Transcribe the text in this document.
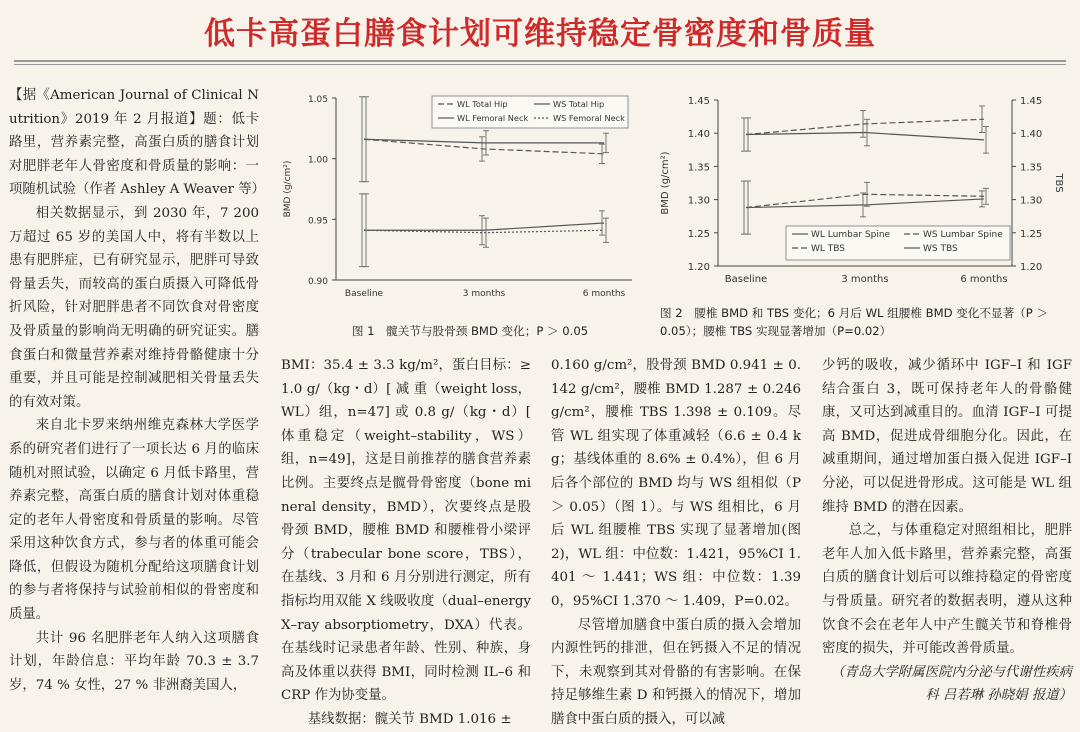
低卡高蛋白膳食计划可维持稳定骨密度和骨质量

【据《American Journal of Clinical Nutrition》2019 年 2 月报道】题：低卡路里，营养素完整，高蛋白质的膳食计划对肥胖老年人骨密度和骨质量的影响：一项随机试验（作者 Ashley A Weaver 等）

相关数据显示，到 2030 年，7 200 万超过 65 岁的美国人中，将有半数以上患有肥胖症，已有研究显示，肥胖可导致骨量丢失，而较高的蛋白质摄入可降低骨折风险，针对肥胖患者不同饮食对骨密度及骨质量的影响尚无明确的研究证实。膳食蛋白和微量营养素对维持骨骼健康十分重要，并且可能是控制减肥相关骨量丢失的有效对策。

来自北卡罗来纳州维克森林大学医学系的研究者们进行了一项长达 6 月的临床随机对照试验，以确定 6 月低卡路里，营养素完整，高蛋白质的膳食计划对体重稳定的老年人骨密度和骨质量的影响。尽管采用这种饮食方式，参与者的体重可能会降低，但假设为随机分配给这项膳食计划的参与者将保持与试验前相似的骨密度和质量。

共计 96 名肥胖老年人纳入这项膳食计划，年龄信息：平均年龄 70.3 ± 3.7 岁，74 % 女性，27 % 非洲裔美国人，

0.90
0.95
1.00
1.05
Baseline	3 months	6 months
BMD (g/cm²)
WL Total Hip	WS Total Hip
WL Femoral Neck	WS Femoral Neck
1.20
1.25
1.30
1.35
1.40
1.45
1.20
1.25
1.30
1.35
1.40
1.45
Baseline	3 months	6 months
BMD (g/cm²)	TBS
WL Lumbar Spine	WS Lumbar Spine
WL TBS	WS TBS
图 1　髋关节与股骨颈 BMD 变化；P ＞ 0.05
图 2　腰椎 BMD 和 TBS 变化；6 月后 WL 组腰椎 BMD 变化不显著（P ＞ 0.05）；腰椎 TBS 实现显著增加（P=0.02）

BMI：35.4 ± 3.3 kg/m²，蛋白目标：≥ 1.0 g/（kg・d）[ 减 重（weight loss，WL）组，n=47] 或 0.8 g/（kg・d）[ 体重稳定（weight–stability，WS）组，n=49]，这是目前推荐的膳食营养素比例。主要终点是髋骨骨密度（bone mineral density，BMD），次要终点是股骨颈 BMD，腰椎 BMD 和腰椎骨小梁评分（trabecular bone score，TBS），在基线、3 月和 6 月分别进行测定，所有指标均用双能 X 线吸收度（dual–energy X–ray absorptiometry，DXA）代表。在基线时记录患者年龄、性别、种族，身高及体重以获得 BMI，同时检测 IL–6 和 CRP 作为协变量。

基线数据：髋关节 BMD 1.016 ±

0.160 g/cm²，股骨颈 BMD 0.941 ± 0.142 g/cm²，腰椎 BMD 1.287 ± 0.246 g/cm²，腰椎 TBS 1.398 ± 0.109。尽管 WL 组实现了体重减轻（6.6 ± 0.4 kg；基线体重的 8.6% ± 0.4%），但 6 月后各个部位的 BMD 均与 WS 组相似（P ＞ 0.05）（图 1）。与 WS 组相比，6 月后 WL 组腰椎 TBS 实现了显著增加(图 2)，WL 组：中位数：1.421，95%CI 1.401 ～ 1.441；WS 组：中位数：1.390，95%CI 1.370 ～ 1.409，P=0.02。

尽管增加膳食中蛋白质的摄入会增加内源性钙的排泄，但在钙摄入不足的情况下，未观察到其对骨骼的有害影响。在保持足够维生素 D 和钙摄入的情况下，增加膳食中蛋白质的摄入，可以减

少钙的吸收，减少循环中 IGF–I 和 IGF 结合蛋白 3，既可保持老年人的骨骼健康，又可达到减重目的。血清 IGF–I 可提高 BMD，促进成骨细胞分化。因此，在减重期间，通过增加蛋白摄入促进 IGF–I 分泌，可以促进骨形成。这可能是 WL 组维持 BMD 的潜在因素。

总之，与体重稳定对照组相比，肥胖老年人加入低卡路里，营养素完整，高蛋白质的膳食计划后可以维持稳定的骨密度与骨质量。研究者的数据表明，遵从这种饮食不会在老年人中产生髋关节和脊椎骨密度的损失，并可能改善骨质量。

（青岛大学附属医院内分泌与代谢性疾病科 吕若琳 孙晓娟 报道）
